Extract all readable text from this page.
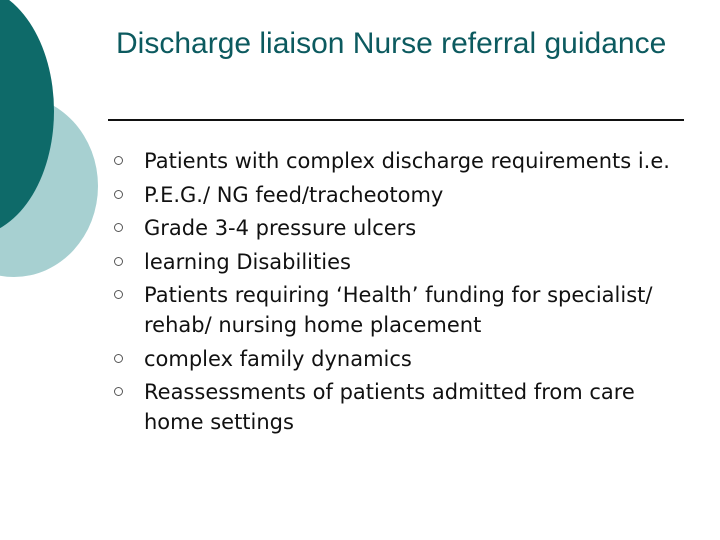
Discharge liaison Nurse referral guidance
Patients with complex discharge requirements i.e.
P.E.G./ NG feed/tracheotomy
Grade 3-4 pressure ulcers
learning Disabilities
Patients requiring ‘Health’ funding for specialist/ rehab/ nursing home placement
complex family dynamics
Reassessments of patients admitted from care home settings
